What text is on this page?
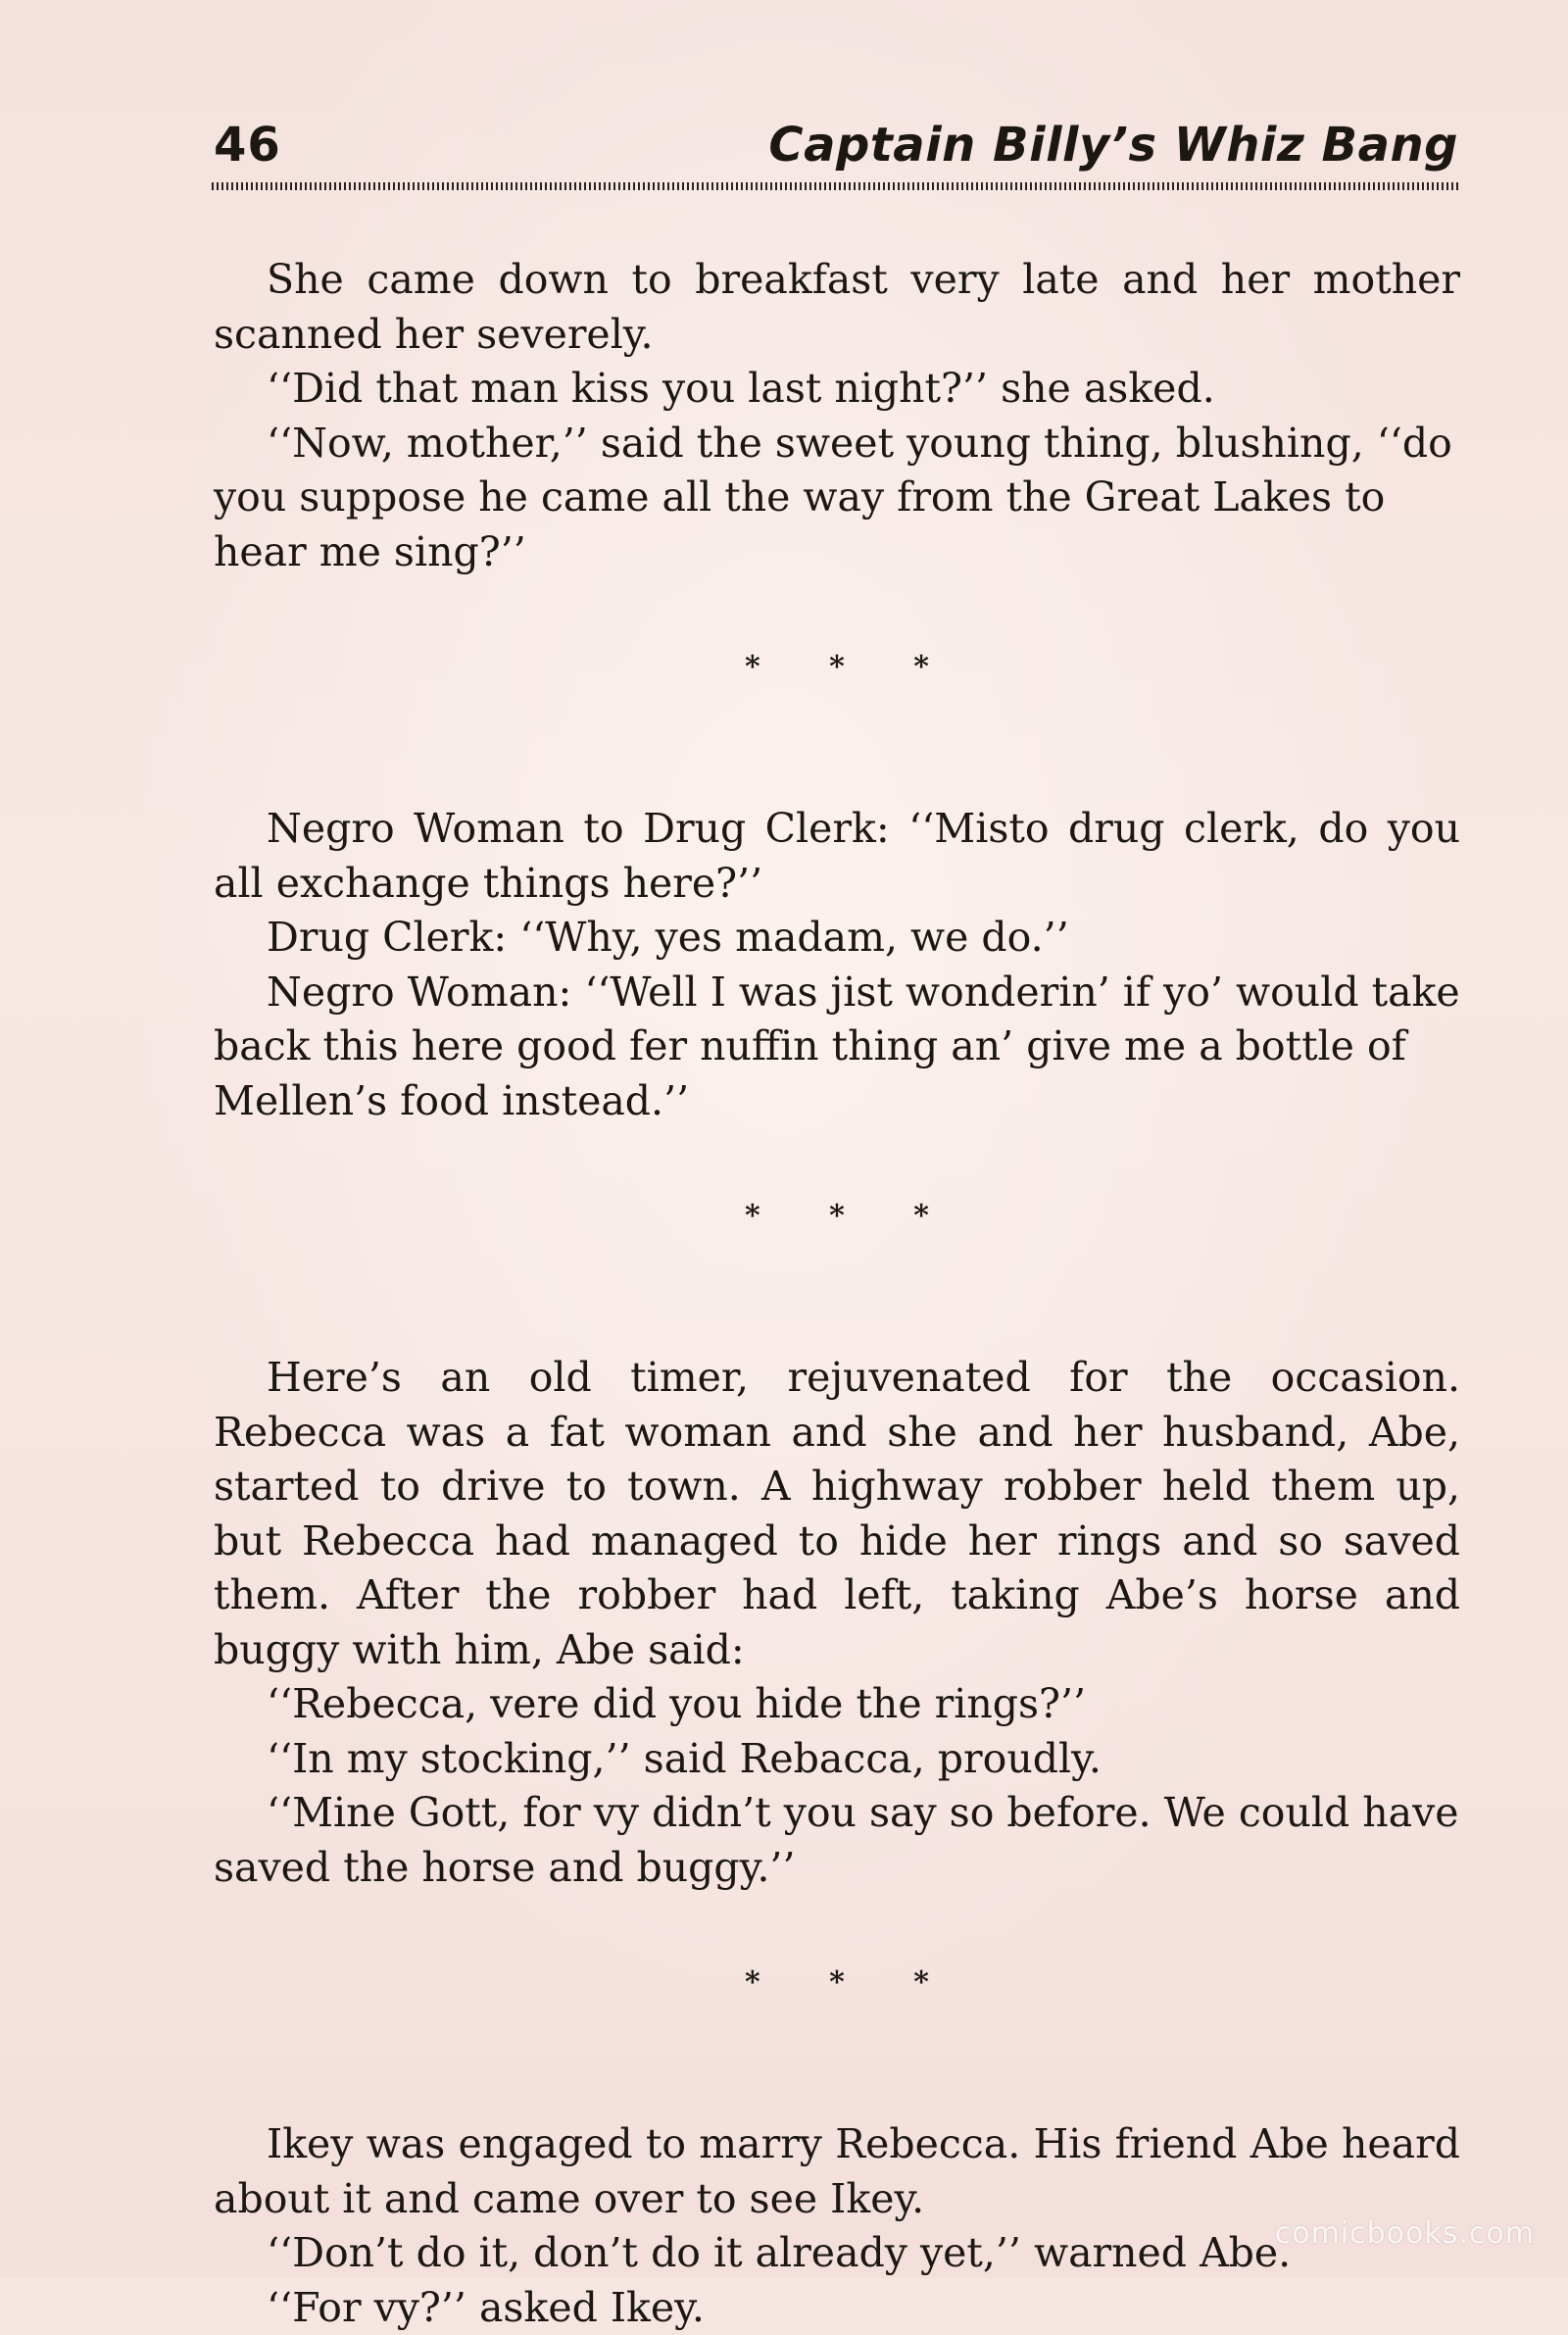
46	Captain Billy’s Whiz Bang

She came down to breakfast very late and her mother scanned her severely.

‘‘Did that man kiss you last night?’’ she asked.

‘‘Now, mother,’’ said the sweet young thing, blushing, ‘‘do you suppose he came all the way from the Great Lakes to hear me sing?’’

* * *

Negro Woman to Drug Clerk: ‘‘Misto drug clerk, do you all exchange things here?’’

Drug Clerk: ‘‘Why, yes madam, we do.’’

Negro Woman: ‘‘Well I was jist wonderin’ if yo’ would take back this here good fer nuffin thing an’ give me a bottle of Mellen’s food instead.’’

* * *

Here’s an old timer, rejuvenated for the occasion. Rebecca was a fat woman and she and her husband, Abe, started to drive to town. A highway robber held them up, but Rebecca had managed to hide her rings and so saved them. After the robber had left, taking Abe’s horse and buggy with him, Abe said:

‘‘Rebecca, vere did you hide the rings?’’

‘‘In my stocking,’’ said Rebacca, proudly.

‘‘Mine Gott, for vy didn’t you say so before. We could have saved the horse and buggy.’’

* * *

Ikey was engaged to marry Rebecca. His friend Abe heard about it and came over to see Ikey.

‘‘Don’t do it, don’t do it already yet,’’ warned Abe.

‘‘For vy?’’ asked Ikey.

comicbooks.com
